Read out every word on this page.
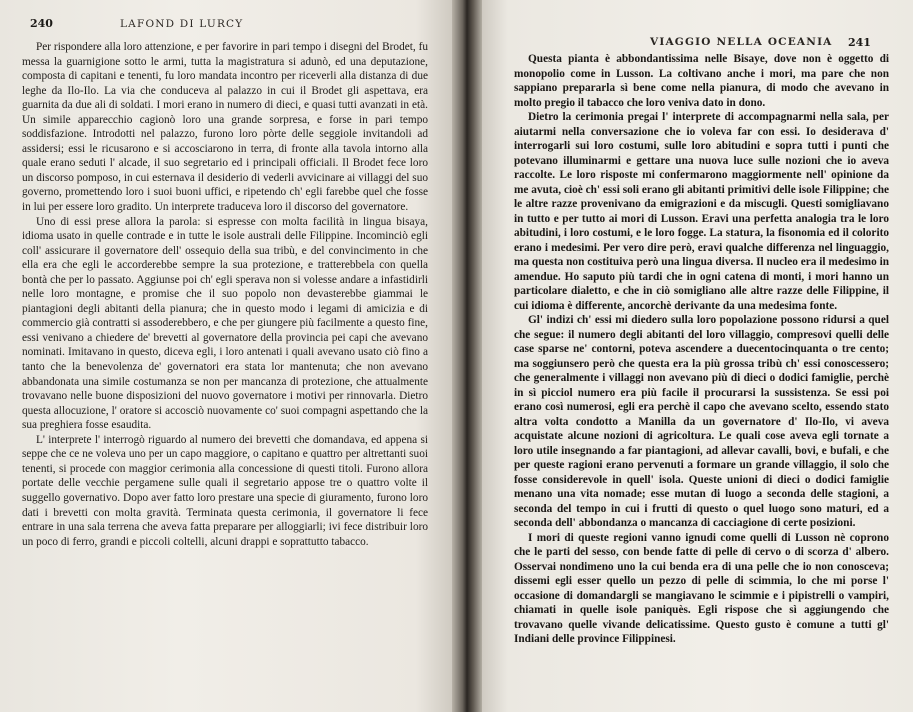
240	LAFOND DI LURCY

Per rispondere alla loro attenzione, e per favorire in pari tempo i disegni del Brodet, fu messa la guarnigione sotto le armi, tutta la magistratura si adunò, ed una deputazione, composta di capitani e tenenti, fu loro mandata incontro per riceverli alla distanza di due leghe da Ilo-Ilo. La via che conduceva al palazzo in cui il Brodet gli aspettava, era guarnita da due ali di soldati. I mori erano in numero di dieci, e quasi tutti avanzati in età. Un simile apparecchio cagionò loro una grande sorpresa, e forse in pari tempo soddisfazione. Introdotti nel palazzo, furono loro pòrte delle seggiole invitandoli ad assidersi; essi le ricusarono e si accosciarono in terra, di fronte alla tavola intorno alla quale erano seduti l' alcade, il suo segretario ed i principali officiali. Il Brodet fece loro un discorso pomposo, in cui esternava il desiderio di vederli avvicinare ai villaggi del suo governo, promettendo loro i suoi buoni uffici, e ripetendo ch' egli farebbe quel che fosse in lui per essere loro gradito. Un interprete traduceva loro il discorso del governatore.

Uno di essi prese allora la parola: si espresse con molta facilità in lingua bisaya, idioma usato in quelle contrade e in tutte le isole australi delle Filippine. Incominciò egli coll' assicurare il governatore dell' ossequio della sua tribù, e del convincimento in che ella era che egli le accorderebbe sempre la sua protezione, e tratterebbela con quella bontà che per lo passato. Aggiunse poi ch' egli sperava non si volesse andare a infastidirli nelle loro montagne, e promise che il suo popolo non devasterebbe giammai le piantagioni degli abitanti della pianura; che in questo modo i legami di amicizia e di commercio già contratti si assoderebbero, e che per giungere più facilmente a questo fine, essi venivano a chiedere de' brevetti al governatore della provincia pei capi che avevano nominati. Imitavano in questo, diceva egli, i loro antenati i quali avevano usato ciò fino a tanto che la benevolenza de' governatori era stata lor mantenuta; che non avevano abbandonata una simile costumanza se non per mancanza di protezione, che attualmente trovavano nelle buone disposizioni del nuovo governatore i motivi per rinnovarla. Dietro questa allocuzione, l' oratore si accosciò nuovamente co' suoi compagni aspettando che la sua preghiera fosse esaudita.

L' interprete l' interrogò riguardo al numero dei brevetti che domandava, ed appena si seppe che ce ne voleva uno per un capo maggiore, o capitano e quattro per altrettanti suoi tenenti, si procede con maggior cerimonia alla concessione di questi titoli. Furono allora portate delle vecchie pergamene sulle quali il segretario appose tre o quattro volte il suggello governativo. Dopo aver fatto loro prestare una specie di giuramento, furono loro dati i brevetti con molta gravità. Terminata questa cerimonia, il governatore li fece entrare in una sala terrena che aveva fatta preparare per alloggiarli; ivi fece distribuir loro un poco di ferro, grandi e piccoli coltelli, alcuni drappi e soprattutto tabacco.

VIAGGIO NELLA OCEANIA 241

Questa pianta è abbondantissima nelle Bisaye, dove non è oggetto di monopolio come in Lusson. La coltivano anche i mori, ma pare che non sappiano prepararla sì bene come nella pianura, di modo che avevano in molto pregio il tabacco che loro veniva dato in dono.

Dietro la cerimonia pregai l' interprete di accompagnarmi nella sala, per aiutarmi nella conversazione che io voleva far con essi. Io desiderava d' interrogarli sui loro costumi, sulle loro abitudini e sopra tutti i punti che potevano illuminarmi e gettare una nuova luce sulle nozioni che io aveva raccolte. Le loro risposte mi confermarono maggiormente nell' opinione da me avuta, cioè ch' essi soli erano gli abitanti primitivi delle isole Filippine; che le altre razze provenivano da emigrazioni e da miscugli. Questi somigliavano in tutto e per tutto ai mori di Lusson. Eravi una perfetta analogia tra le loro abitudini, i loro costumi, e le loro fogge. La statura, la fisonomia ed il colorito erano i medesimi. Per vero dire però, eravi qualche differenza nel linguaggio, ma questa non costituiva però una lingua diversa. Il nucleo era il medesimo in amendue. Ho saputo più tardi che in ogni catena di monti, i mori hanno un particolare dialetto, e che in ciò somigliano alle altre razze delle Filippine, il cui idioma è differente, ancorchè derivante da una medesima fonte.

Gl' indizi ch' essi mi diedero sulla loro popolazione possono ridursi a quel che segue: il numero degli abitanti del loro villaggio, compresovi quelli delle case sparse ne' contorni, poteva ascendere a duecentocinquanta o tre cento; ma soggiunsero però che questa era la più grossa tribù ch' essi conoscessero; che generalmente i villaggi non avevano più di dieci o dodici famiglie, perchè in sì picciol numero era più facile il procurarsi la sussistenza. Se essi poi erano così numerosi, egli era perchè il capo che avevano scelto, essendo stato altra volta condotto a Manilla da un governatore d' Ilo-Ilo, vi aveva acquistate alcune nozioni di agricoltura. Le quali cose aveva egli tornate a loro utile insegnando a far piantagioni, ad allevar cavalli, bovi, e bufali, e che per queste ragioni erano pervenuti a formare un grande villaggio, il solo che fosse considerevole in quell' isola. Queste unioni di dieci o dodici famiglie menano una vita nomade; esse mutan di luogo a seconda delle stagioni, a seconda del tempo in cui i frutti di questo o quel luogo sono maturi, ed a seconda dell' abbondanza o mancanza di cacciagione di certe posizioni.

I mori di queste regioni vanno ignudi come quelli di Lusson nè coprono che le parti del sesso, con bende fatte di pelle di cervo o di scorza d' albero. Osservai nondimeno uno la cui benda era di una pelle che io non conosceva; dissemi egli esser quello un pezzo di pelle di scimmia, lo che mi porse l' occasione di domandargli se mangiavano le scimmie e i pipistrelli o vampiri, chiamati in quelle isole paniquès. Egli rispose che sì aggiungendo che trovavano quelle vivande delicatissime. Questo gusto è comune a tutti gl' Indiani delle province Filippinesi.
